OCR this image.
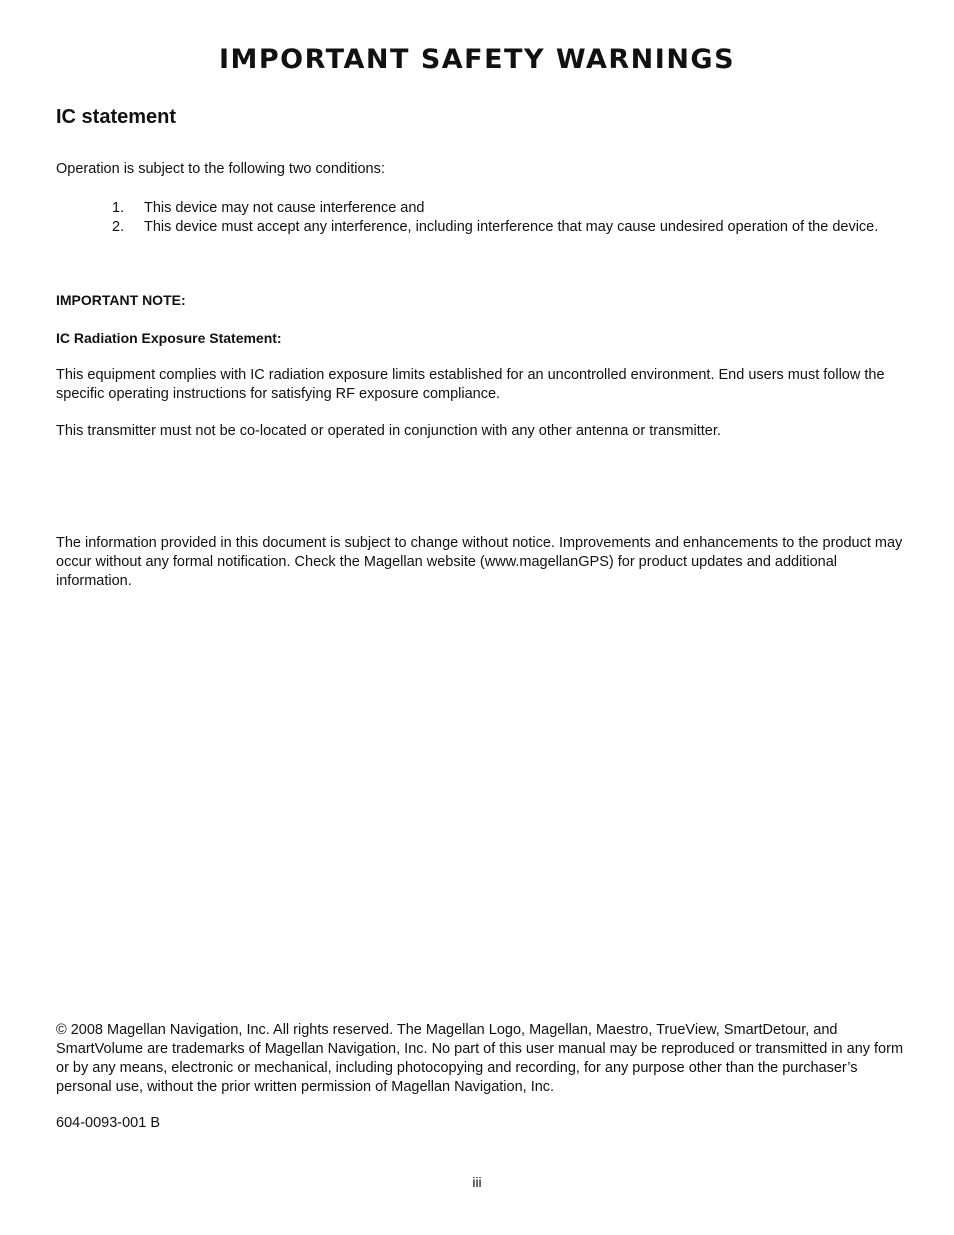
IMPORTANT SAFETY WARNINGS
IC statement

Operation is subject to the following two conditions:

1.	This device may not cause interference and
2.	This device must accept any interference, including interference that may cause undesired operation of the device.

IMPORTANT NOTE:

IC Radiation Exposure Statement:

This equipment complies with IC radiation exposure limits established for an uncontrolled environment. End users must follow the specific operating instructions for satisfying RF exposure compliance.

This transmitter must not be co-located or operated in conjunction with any other antenna or transmitter.

The information provided in this document is subject to change without notice. Improvements and enhancements to the product may occur without any formal notification. Check the Magellan website (www.magellanGPS) for product updates and additional information.

© 2008 Magellan Navigation, Inc. All rights reserved. The Magellan Logo, Magellan, Maestro, TrueView, SmartDetour, and SmartVolume are trademarks of Magellan Navigation, Inc. No part of this user manual may be reproduced or transmitted in any form or by any means, electronic or mechanical, including photocopying and recording, for any purpose other than the purchaser’s personal use, without the prior written permission of Magellan Navigation, Inc.

604-0093-001 B

iii
